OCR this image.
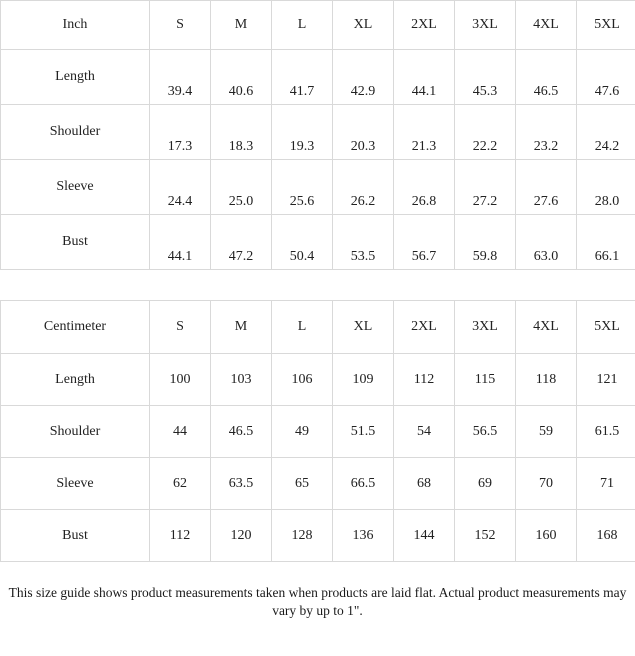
Inch	S	M	L	XL	2XL	3XL	4XL	5XL
Length	39.4	40.6	41.7	42.9	44.1	45.3	46.5	47.6
Shoulder	17.3	18.3	19.3	20.3	21.3	22.2	23.2	24.2
Sleeve	24.4	25.0	25.6	26.2	26.8	27.2	27.6	28.0
Bust	44.1	47.2	50.4	53.5	56.7	59.8	63.0	66.1
Centimeter	S	M	L	XL	2XL	3XL	4XL	5XL
Length	100	103	106	109	112	115	118	121
Shoulder	44	46.5	49	51.5	54	56.5	59	61.5
Sleeve	62	63.5	65	66.5	68	69	70	71
Bust	112	120	128	136	144	152	160	168
This size guide shows product measurements taken when products are laid flat. Actual product measurements may vary by up to 1".
